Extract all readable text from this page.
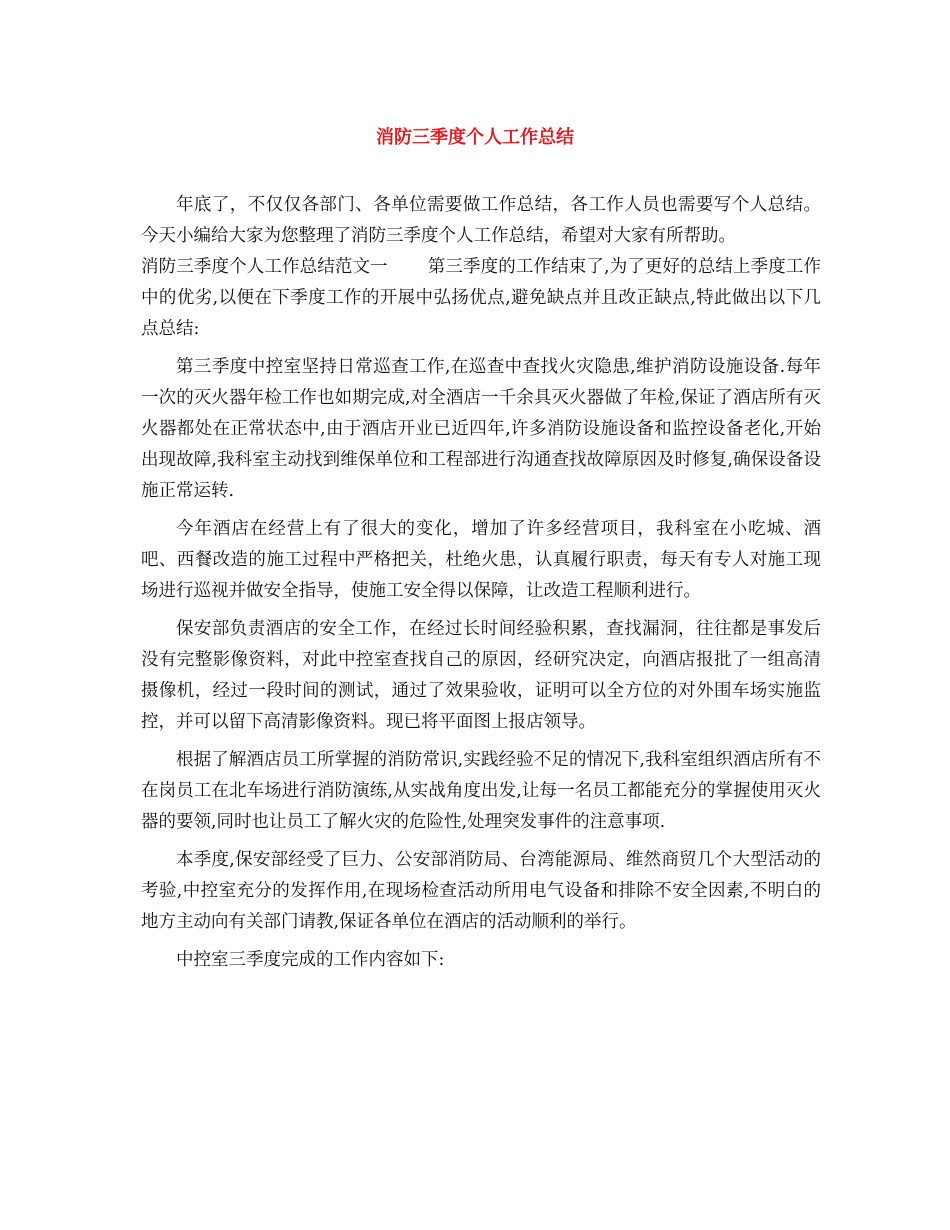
消防三季度个人工作总结

年底了，不仅仅各部门、各单位需要做工作总结，各工作人员也需要写个人总结。今天小编给大家为您整理了消防三季度个人工作总结，希望对大家有所帮助。

消防三季度个人工作总结范文一 第三季度的工作结束了,为了更好的总结上季度工作中的优劣,以便在下季度工作的开展中弘扬优点,避免缺点并且改正缺点,特此做出以下几点总结:

第三季度中控室坚持日常巡查工作,在巡查中查找火灾隐患,维护消防设施设备.每年一次的灭火器年检工作也如期完成,对全酒店一千余具灭火器做了年检,保证了酒店所有灭火器都处在正常状态中,由于酒店开业已近四年,许多消防设施设备和监控设备老化,开始出现故障,我科室主动找到维保单位和工程部进行沟通查找故障原因及时修复,确保设备设施正常运转.

今年酒店在经营上有了很大的变化，增加了许多经营项目，我科室在小吃城、酒吧、西餐改造的施工过程中严格把关，杜绝火患，认真履行职责，每天有专人对施工现场进行巡视并做安全指导，使施工安全得以保障，让改造工程顺利进行。

保安部负责酒店的安全工作，在经过长时间经验积累，查找漏洞，往往都是事发后没有完整影像资料，对此中控室查找自己的原因，经研究决定，向酒店报批了一组高清摄像机，经过一段时间的测试，通过了效果验收，证明可以全方位的对外围车场实施监控，并可以留下高清影像资料。现已将平面图上报店领导。

根据了解酒店员工所掌握的消防常识,实践经验不足的情况下,我科室组织酒店所有不在岗员工在北车场进行消防演练,从实战角度出发,让每一名员工都能充分的掌握使用灭火器的要领,同时也让员工了解火灾的危险性,处理突发事件的注意事项.

本季度,保安部经受了巨力、公安部消防局、台湾能源局、维然商贸几个大型活动的考验,中控室充分的发挥作用,在现场检查活动所用电气设备和排除不安全因素,不明白的地方主动向有关部门请教,保证各单位在酒店的活动顺利的举行。

中控室三季度完成的工作内容如下:
